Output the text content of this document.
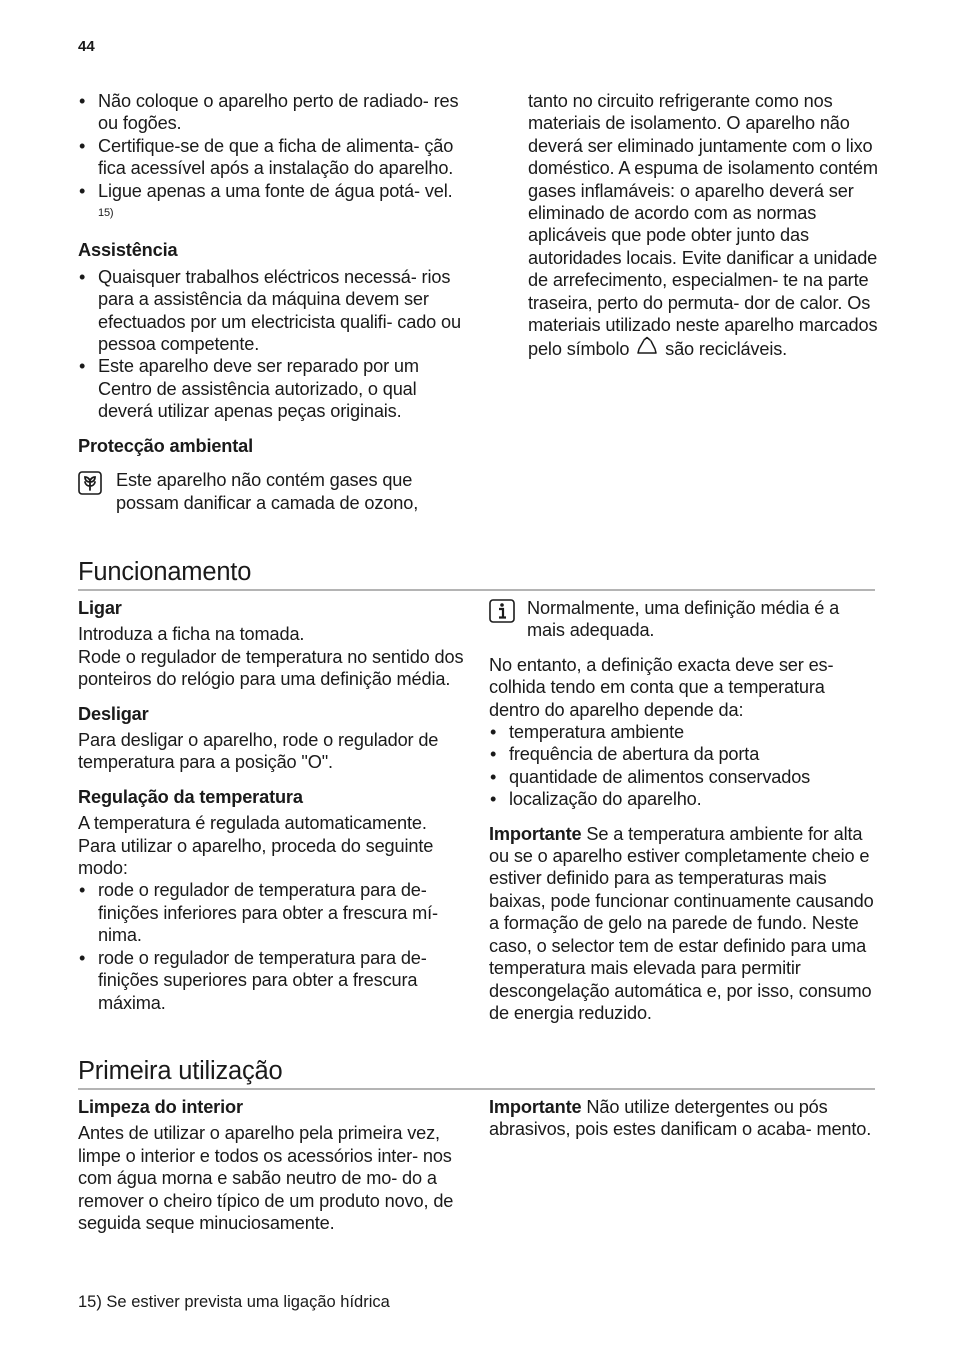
44
• Não coloque o aparelho perto de radiado- res ou fogões.
• Certifique-se de que a ficha de alimenta- ção fica acessível após a instalação do aparelho.
• Ligue apenas a uma fonte de água potá- vel. $^{15)}$
Assistência
• Quaisquer trabalhos eléctricos necessá- rios para a assistência da máquina devem ser efectuados por um electricista qualifi- cado ou pessoa competente.
• Este aparelho deve ser reparado por um Centro de assistência autorizado, o qual deverá utilizar apenas peças originais.
Protecção ambiental
Este aparelho não contém gases que possam danificar a camada de ozono,

tanto no circuito refrigerante como nos materiais de isolamento. O aparelho não deverá ser eliminado juntamente com o lixo doméstico. A espuma de isolamento contém gases inflamáveis: o aparelho deverá ser eliminado de acordo com as normas aplicáveis que pode obter junto das autoridades locais. Evite danificar a unidade de arrefecimento, especialmen- te na parte traseira, perto do permuta- dor de calor. Os materiais utilizado neste aparelho marcados pelo símbolo são recicláveis.

Funcionamento
Ligar

Introduza a ficha na tomada.

Rode o regulador de temperatura no sentido dos ponteiros do relógio para uma definição média.

Desligar

Para desligar o aparelho, rode o regulador de temperatura para a posição "O".

Regulação da temperatura

A temperatura é regulada automaticamente.

Para utilizar o aparelho, proceda do seguinte modo:

• rode o regulador de temperatura para de- finições inferiores para obter a frescura mí- nima.
• rode o regulador de temperatura para de- finições superiores para obter a frescura máxima.
Normalmente, uma definição média é a mais adequada.

No entanto, a definição exacta deve ser es- colhida tendo em conta que a temperatura dentro do aparelho depende da:

• temperatura ambiente
• frequência de abertura da porta
• quantidade de alimentos conservados
• localização do aparelho.

Importante Se a temperatura ambiente for alta ou se o aparelho estiver completamente cheio e estiver definido para as temperaturas mais baixas, pode funcionar continuamente causando a formação de gelo na parede de fundo. Neste caso, o selector tem de estar definido para uma temperatura mais elevada para permitir descongelação automática e, por isso, consumo de energia reduzido.

Primeira utilização
Limpeza do interior

Antes de utilizar o aparelho pela primeira vez, limpe o interior e todos os acessórios inter- nos com água morna e sabão neutro de mo- do a remover o cheiro típico de um produto novo, de seguida seque minuciosamente.

Importante Não utilize detergentes ou pós abrasivos, pois estes danificam o acaba- mento.

15) Se estiver prevista uma ligação hídrica
